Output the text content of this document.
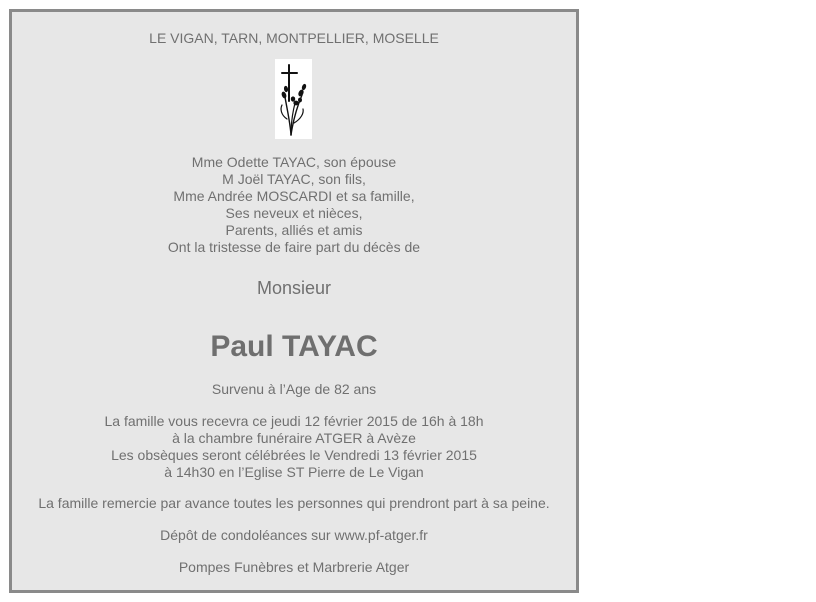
LE VIGAN, TARN, MONTPELLIER, MOSELLE
Mme Odette TAYAC, son épouse
M Joël TAYAC, son fils,
Mme Andrée MOSCARDI et sa famille,
Ses neveux et nièces,
Parents, alliés et amis
Ont la tristesse de faire part du décès de
Monsieur
Paul TAYAC
Survenu à l’Age de 82 ans
La famille vous recevra ce jeudi 12 février 2015 de 16h à 18h
à la chambre funéraire ATGER à Avèze
Les obsèques seront célébrées le Vendredi 13 février 2015
à 14h30 en l’Eglise ST Pierre de Le Vigan
La famille remercie par avance toutes les personnes qui prendront part à sa peine.
Dépôt de condoléances sur www.pf-atger.fr
Pompes Funèbres et Marbrerie Atger
